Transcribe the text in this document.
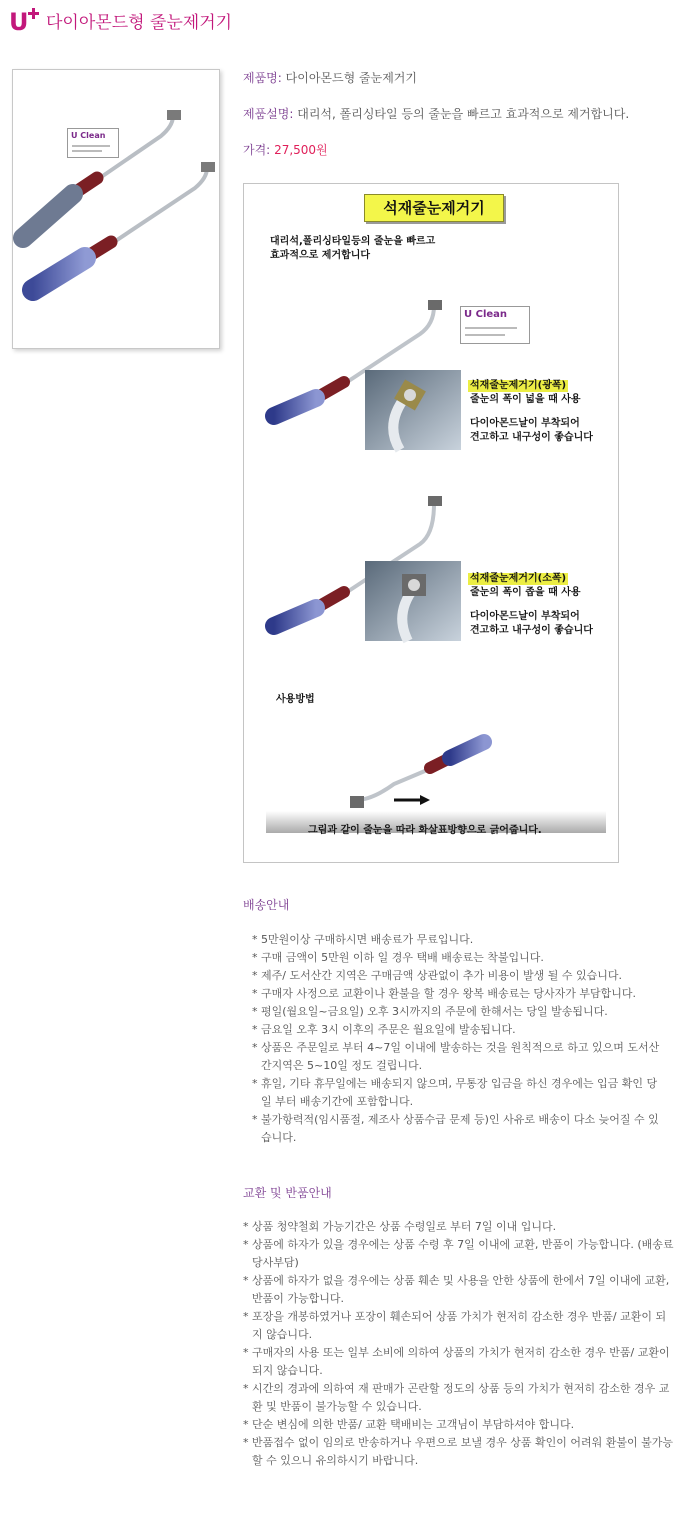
U 다이아몬드형 줄눈제거기
U Clean
제품명: 다이아몬드형 줄눈제거기
제품설명: 대리석, 폴리싱타일 등의 줄눈을 빠르고 효과적으로 제거합니다.
가격: 27,500원
석재줄눈제거기
대리석,폴리싱타일등의 줄눈을 빠르고
효과적으로 제거합니다
U Clean
석재줄눈제거기(광폭)
줄눈의 폭이 넓을 때 사용
다이아몬드날이 부착되어
견고하고 내구성이 좋습니다
석재줄눈제거기(소폭)
줄눈의 폭이 좁을 때 사용
다이아몬드날이 부착되어
견고하고 내구성이 좋습니다
사용방법
그림과 같이 줄눈을 따라 화살표방향으로 긁어줍니다.
배송안내
* 5만원이상 구매하시면 배송료가 무료입니다.
* 구매 금액이 5만원 이하 일 경우 택배 배송료는 착불입니다.
* 제주/ 도서산간 지역은 구매금액 상관없이 추가 비용이 발생 될 수 있습니다.
* 구매자 사정으로 교환이나 환불을 할 경우 왕복 배송료는 당사자가 부담합니다.
* 평일(월요일~금요일) 오후 3시까지의 주문에 한해서는 당일 발송됩니다.
* 금요일 오후 3시 이후의 주문은 월요일에 발송됩니다.
* 상품은 주문일로 부터 4~7일 이내에 발송하는 것을 원칙적으로 하고 있으며 도서산간지역은 5~10일 정도 걸립니다.
* 휴일, 기타 휴무일에는 배송되지 않으며, 무통장 입금을 하신 경우에는 입금 확인 당일 부터 배송기간에 포함합니다.
* 불가항력적(임시품절, 제조사 상품수급 문제 등)인 사유로 배송이 다소 늦어질 수 있습니다.
교환 및 반품안내
* 상품 청약철회 가능기간은 상품 수령일로 부터 7일 이내 입니다.
* 상품에 하자가 있을 경우에는 상품 수령 후 7일 이내에 교환, 반품이 가능합니다. (배송료 당사부담)
* 상품에 하자가 없을 경우에는 상품 훼손 및 사용을 안한 상품에 한에서 7일 이내에 교환, 반품이 가능합니다.
* 포장을 개봉하였거나 포장이 훼손되어 상품 가치가 현저히 감소한 경우 반품/ 교환이 되지 않습니다.
* 구매자의 사용 또는 일부 소비에 의하여 상품의 가치가 현저히 감소한 경우 반품/ 교환이 되지 않습니다.
* 시간의 경과에 의하여 재 판매가 곤란할 정도의 상품 등의 가치가 현저히 감소한 경우 교환 및 반품이 불가능할 수 있습니다.
* 단순 변심에 의한 반품/ 교환 택배비는 고객님이 부담하셔야 합니다.
* 반품접수 없이 임의로 반송하거나 우편으로 보낼 경우 상품 확인이 어려워 환불이 불가능할 수 있으니 유의하시기 바랍니다.
